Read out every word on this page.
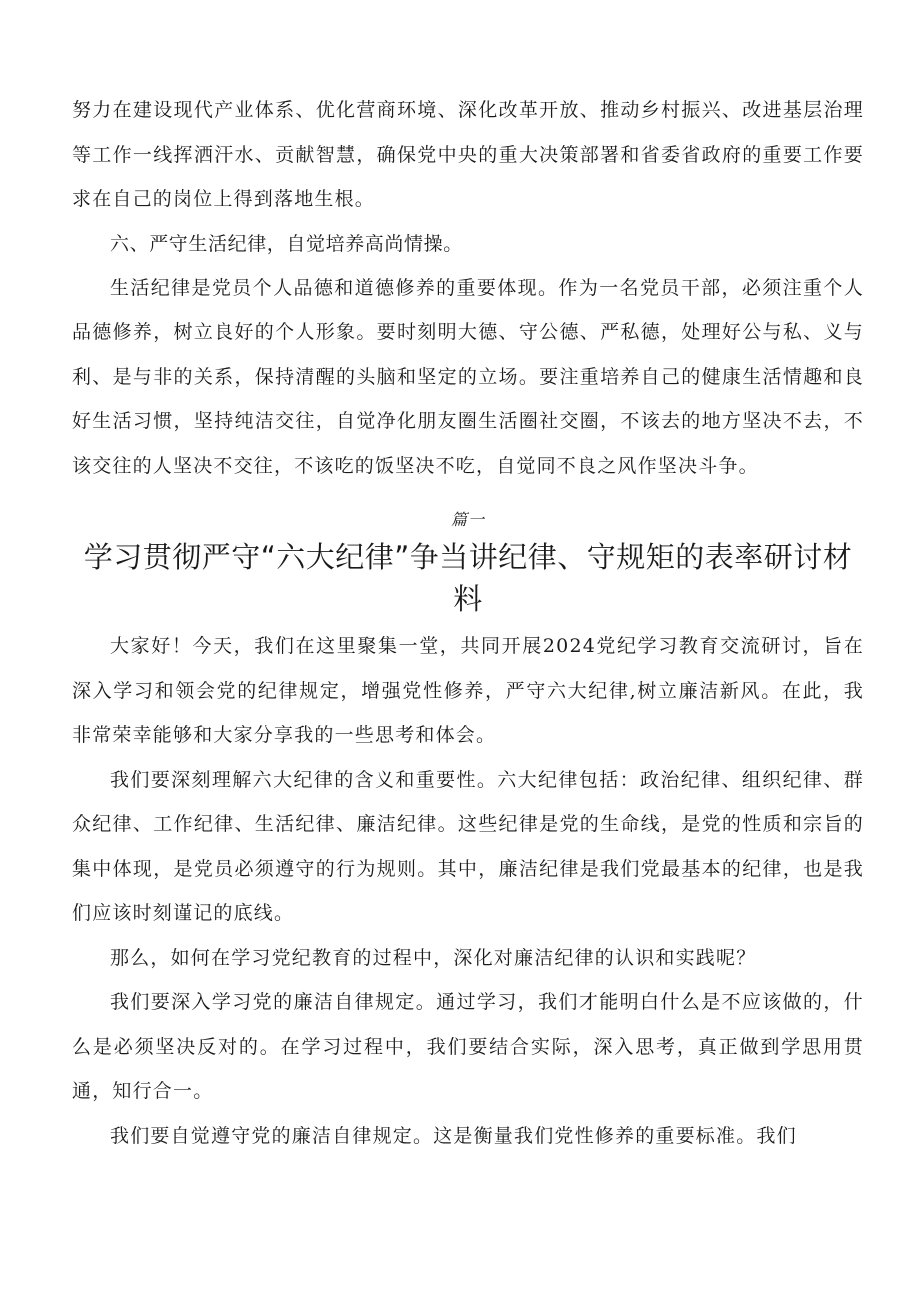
努力在建设现代产业体系、优化营商环境、深化改革开放、推动乡村振兴、改进基层治理等工作一线挥洒汗水、贡献智慧，确保党中央的重大决策部署和省委省政府的重要工作要求在自己的岗位上得到落地生根。

六、严守生活纪律，自觉培养高尚情操。

生活纪律是党员个人品德和道德修养的重要体现。作为一名党员干部，必须注重个人品德修养，树立良好的个人形象。要时刻明大德、守公德、严私德，处理好公与私、义与利、是与非的关系，保持清醒的头脑和坚定的立场。要注重培养自己的健康生活情趣和良好生活习惯，坚持纯洁交往，自觉净化朋友圈生活圈社交圈，不该去的地方坚决不去，不该交往的人坚决不交往，不该吃的饭坚决不吃，自觉同不良之风作坚决斗争。

篇一
学习贯彻严守“六大纪律”争当讲纪律、守规矩的表率研讨材料

大家好！今天，我们在这里聚集一堂，共同开展2024党纪学习教育交流研讨，旨在深入学习和领会党的纪律规定，增强党性修养，严守六大纪律,树立廉洁新风。在此，我非常荣幸能够和大家分享我的一些思考和体会。

我们要深刻理解六大纪律的含义和重要性。六大纪律包括：政治纪律、组织纪律、群众纪律、工作纪律、生活纪律、廉洁纪律。这些纪律是党的生命线，是党的性质和宗旨的集中体现，是党员必须遵守的行为规则。其中，廉洁纪律是我们党最基本的纪律，也是我们应该时刻谨记的底线。

那么，如何在学习党纪教育的过程中，深化对廉洁纪律的认识和实践呢？

我们要深入学习党的廉洁自律规定。通过学习，我们才能明白什么是不应该做的，什么是必须坚决反对的。在学习过程中，我们要结合实际，深入思考，真正做到学思用贯通，知行合一。

我们要自觉遵守党的廉洁自律规定。这是衡量我们党性修养的重要标准。我们
